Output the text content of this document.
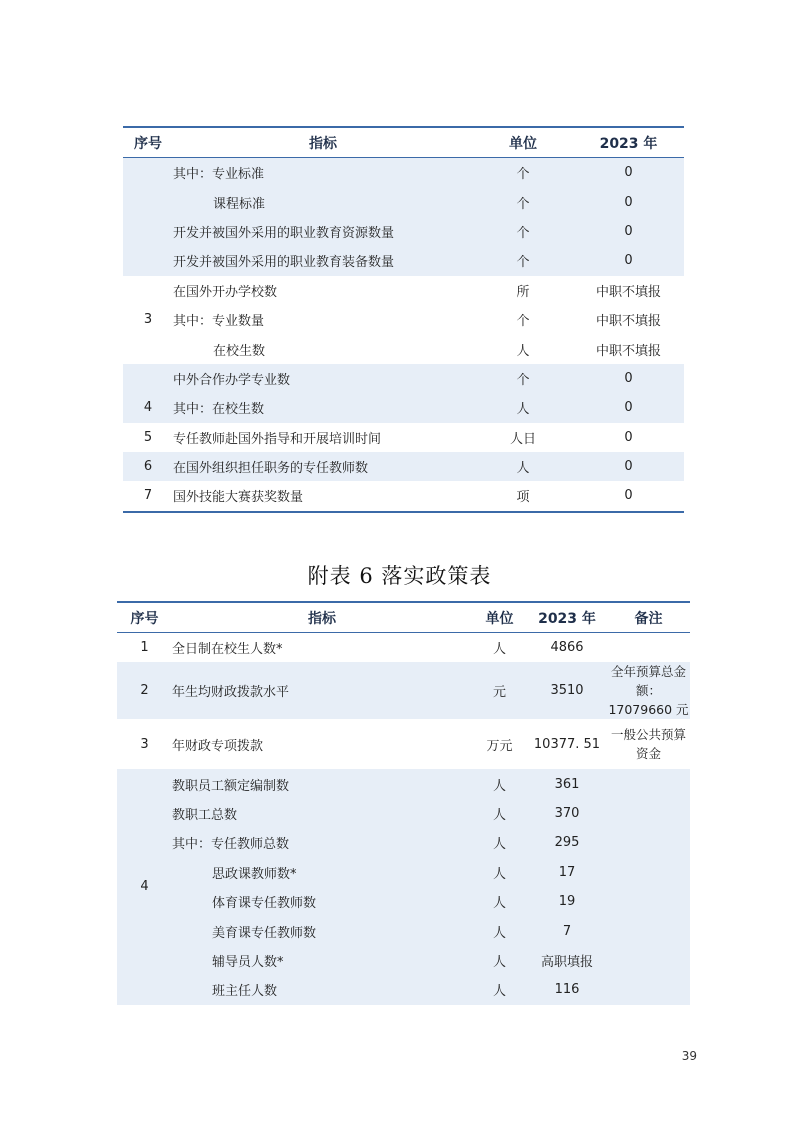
序号	指标	单位	2023 年
	其中：专业标准	个	0
	课程标准	个	0
	开发并被国外采用的职业教育资源数量	个	0
	开发并被国外采用的职业教育装备数量	个	0
3	在国外开办学校数	所	中职不填报
	其中：专业数量	个	中职不填报
	在校生数	人	中职不填报
	中外合作办学专业数	个	0
4	其中：在校生数	人	0
5	专任教师赴国外指导和开展培训时间	人日	0
6	在国外组织担任职务的专任教师数	人	0
7	国外技能大赛获奖数量	项	0
附表 6 落实政策表
序号	指标	单位	2023 年	备注
1	全日制在校生人数*	人	4866	
2	年生均财政拨款水平	元	3510	全年预算总金额：17079660 元
3	年财政专项拨款	万元	10377. 51	一般公共预算资金
4	教职员工额定编制数	人	361	
	教职工总数	人	370	
	其中：专任教师总数	人	295	
	思政课教师数*	人	17	
	体育课专任教师数	人	19	
	美育课专任教师数	人	7	
	辅导员人数*	人	高职填报	
	班主任人数	人	116	
39
